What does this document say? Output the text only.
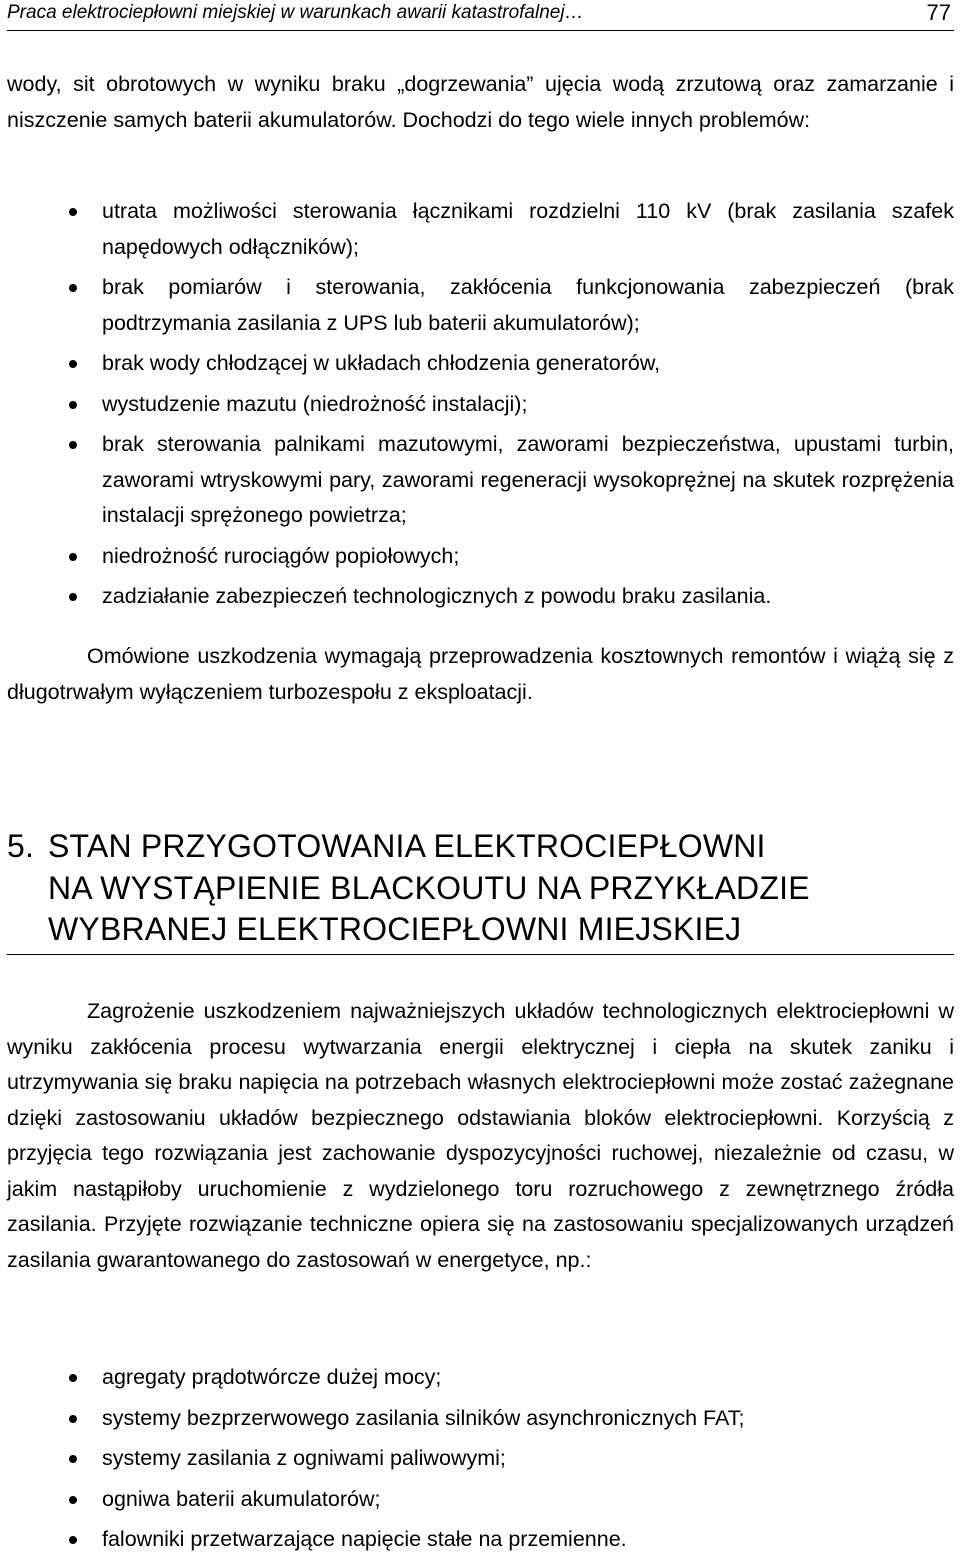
Praca elektrociepłowni miejskiej w warunkach awarii katastrofalnej…	77

wody, sit obrotowych w wyniku braku „dogrzewania” ujęcia wodą zrzutową oraz zamarzanie i niszczenie samych baterii akumulatorów. Dochodzi do tego wiele innych problemów:

utrata możliwości sterowania łącznikami rozdzielni 110 kV (brak zasilania szafek napędowych odłączników);
brak pomiarów i sterowania, zakłócenia funkcjonowania zabezpieczeń (brak podtrzymania zasilania z UPS lub baterii akumulatorów);
brak wody chłodzącej w układach chłodzenia generatorów,
wystudzenie mazutu (niedrożność instalacji);
brak sterowania palnikami mazutowymi, zaworami bezpieczeństwa, upustami turbin, zaworami wtryskowymi pary, zaworami regeneracji wysokoprężnej na skutek rozprężenia instalacji sprężonego powietrza;
niedrożność rurociągów popiołowych;
zadziałanie zabezpieczeń technologicznych z powodu braku zasilania.

Omówione uszkodzenia wymagają przeprowadzenia kosztownych remontów i wiążą się z długotrwałym wyłączeniem turbozespołu z eksploatacji.

5. STAN PRZYGOTOWANIA ELEKTROCIEPŁOWNI
NA WYSTĄPIENIE BLACKOUTU NA PRZYKŁADZIE
WYBRANEJ ELEKTROCIEPŁOWNI MIEJSKIEJ

Zagrożenie uszkodzeniem najważniejszych układów technologicznych elektrociepłowni w wyniku zakłócenia procesu wytwarzania energii elektrycznej i ciepła na skutek zaniku i utrzymywania się braku napięcia na potrzebach własnych elektrociepłowni może zostać zażegnane dzięki zastosowaniu układów bezpiecznego odstawiania bloków elektrociepłowni. Korzyścią z przyjęcia tego rozwiązania jest zachowanie dyspozycyjności ruchowej, niezależnie od czasu, w jakim nastąpiłoby uruchomienie z wydzielonego toru rozruchowego z zewnętrznego źródła zasilania. Przyjęte rozwiązanie techniczne opiera się na zastosowaniu specjalizowanych urządzeń zasilania gwarantowanego do zastosowań w energetyce, np.:

agregaty prądotwórcze dużej mocy;
systemy bezprzerwowego zasilania silników asynchronicznych FAT;
systemy zasilania z ogniwami paliwowymi;
ogniwa baterii akumulatorów;
falowniki przetwarzające napięcie stałe na przemienne.
